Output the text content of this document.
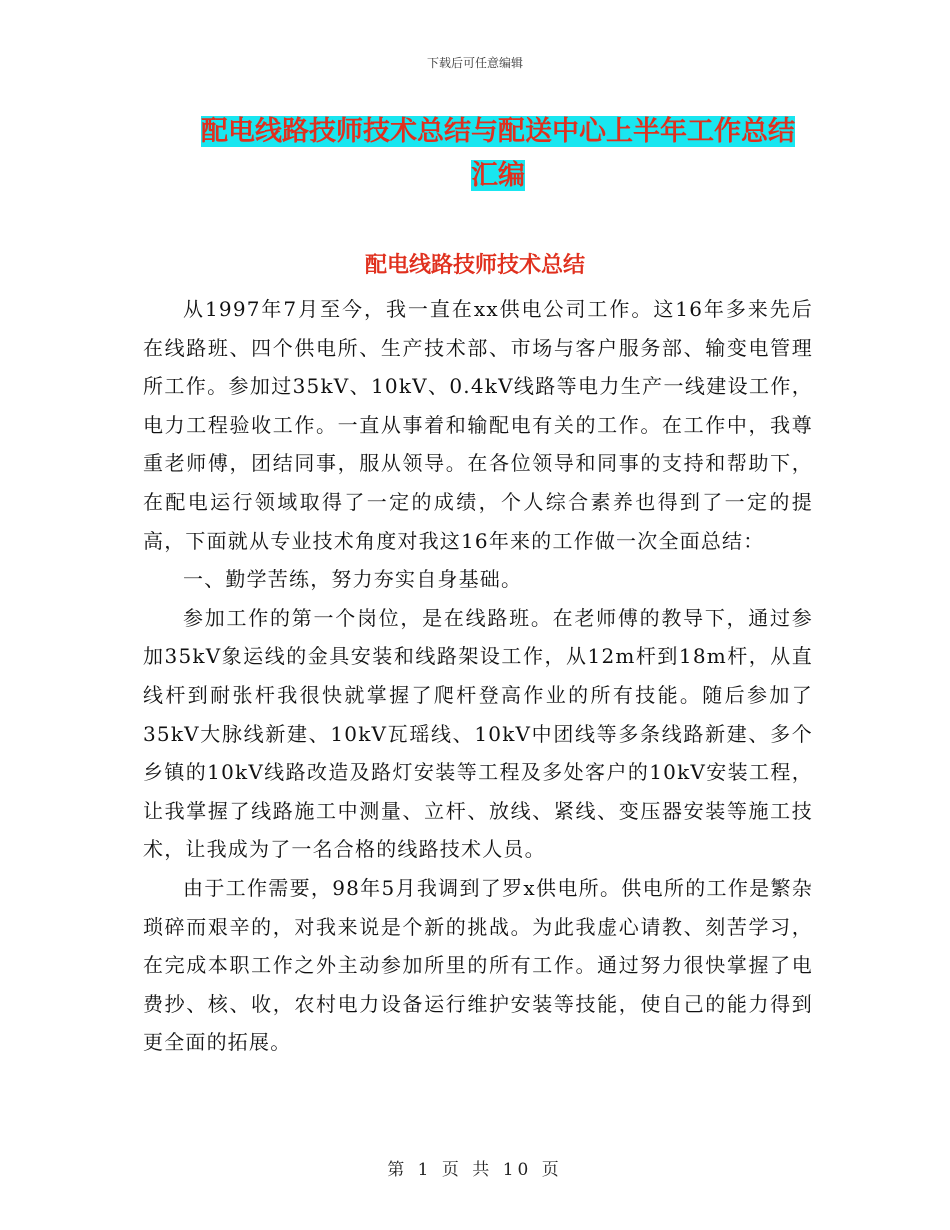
下载后可任意编辑
配电线路技师技术总结与配送中心上半年工作总结汇编
配电线路技师技术总结

从1997年7月至今，我一直在xx供电公司工作。这16年多来先后在线路班、四个供电所、生产技术部、市场与客户服务部、输变电管理所工作。参加过35kV、10kV、0.4kV线路等电力生产一线建设工作，电力工程验收工作。一直从事着和输配电有关的工作。在工作中，我尊重老师傅，团结同事，服从领导。在各位领导和同事的支持和帮助下，在配电运行领域取得了一定的成绩，个人综合素养也得到了一定的提高，下面就从专业技术角度对我这16年来的工作做一次全面总结：

一、勤学苦练，努力夯实自身基础。

参加工作的第一个岗位，是在线路班。在老师傅的教导下，通过参加35kV象运线的金具安装和线路架设工作，从12m杆到18m杆，从直线杆到耐张杆我很快就掌握了爬杆登高作业的所有技能。随后参加了35kV大脉线新建、10kV瓦瑶线、10kV中团线等多条线路新建、多个乡镇的10kV线路改造及路灯安装等工程及多处客户的10kV安装工程，让我掌握了线路施工中测量、立杆、放线、紧线、变压器安装等施工技术，让我成为了一名合格的线路技术人员。

由于工作需要，98年5月我调到了罗x供电所。供电所的工作是繁杂琐碎而艰辛的，对我来说是个新的挑战。为此我虚心请教、刻苦学习，在完成本职工作之外主动参加所里的所有工作。通过努力很快掌握了电费抄、核、收，农村电力设备运行维护安装等技能，使自己的能力得到更全面的拓展。

第 1 页 共 10 页
